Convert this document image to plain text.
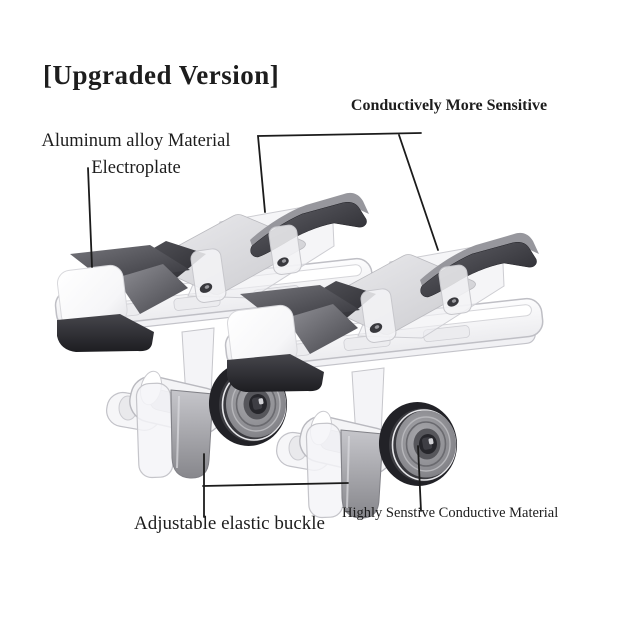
[Upgraded Version]
Conductively More Sensitive
Aluminum alloy Material
Electroplate
Adjustable elastic buckle Highly Senstive Conductive Material
